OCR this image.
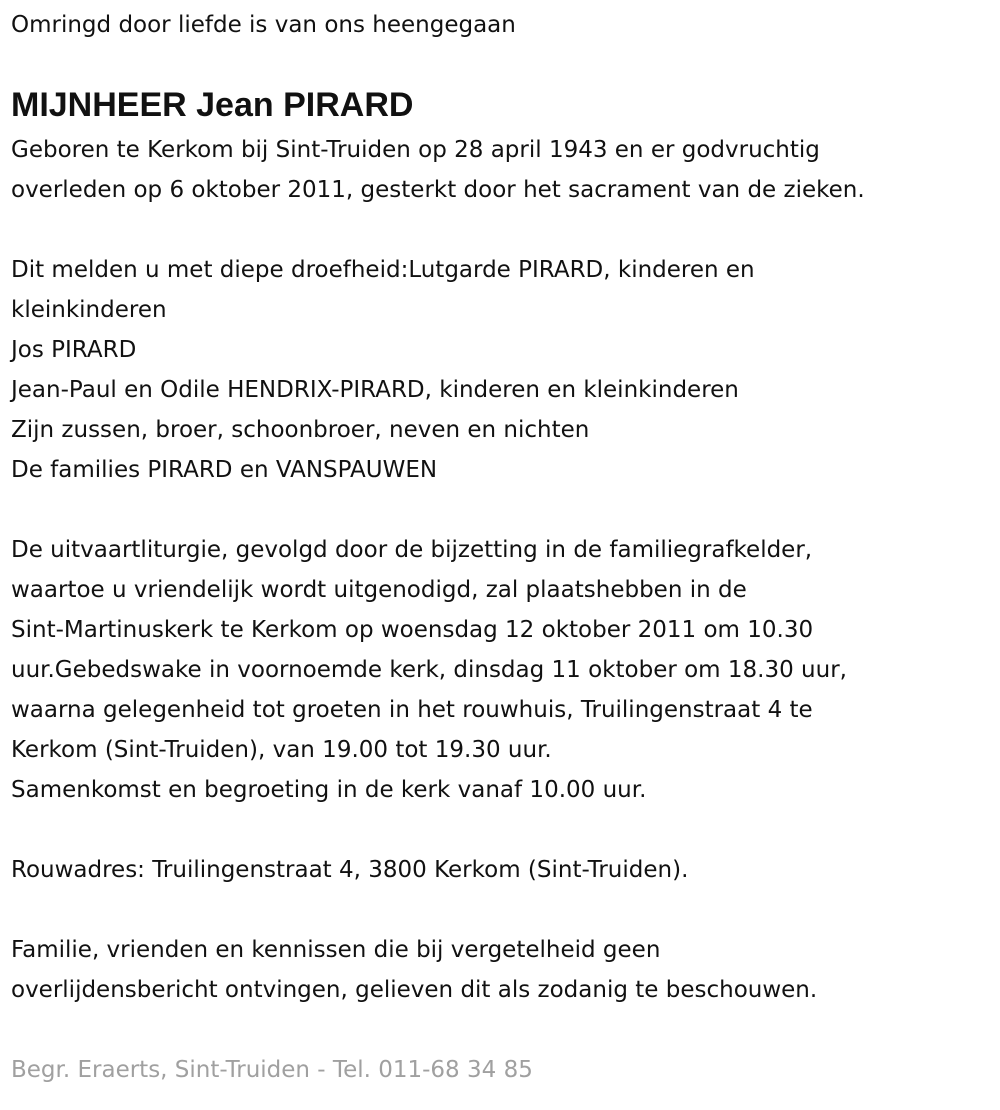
Omringd door liefde is van ons heengegaan
MIJNHEER Jean PIRARD
Geboren te Kerkom bij Sint-Truiden op 28 april 1943 en er godvruchtig
overleden op 6 oktober 2011, gesterkt door het sacrament van de zieken.
Dit melden u met diepe droefheid:Lutgarde PIRARD, kinderen en
kleinkinderen
Jos PIRARD
Jean-Paul en Odile HENDRIX-PIRARD, kinderen en kleinkinderen
Zijn zussen, broer, schoonbroer, neven en nichten
De families PIRARD en VANSPAUWEN
De uitvaartliturgie, gevolgd door de bijzetting in de familiegrafkelder,
waartoe u vriendelijk wordt uitgenodigd, zal plaatshebben in de
Sint-Martinuskerk te Kerkom op woensdag 12 oktober 2011 om 10.30
uur.Gebedswake in voornoemde kerk, dinsdag 11 oktober om 18.30 uur,
waarna gelegenheid tot groeten in het rouwhuis, Truilingenstraat 4 te
Kerkom (Sint-Truiden), van 19.00 tot 19.30 uur.
Samenkomst en begroeting in de kerk vanaf 10.00 uur.
Rouwadres: Truilingenstraat 4, 3800 Kerkom (Sint-Truiden).
Familie, vrienden en kennissen die bij vergetelheid geen
overlijdensbericht ontvingen, gelieven dit als zodanig te beschouwen.
Begr. Eraerts, Sint-Truiden - Tel. 011-68 34 85
